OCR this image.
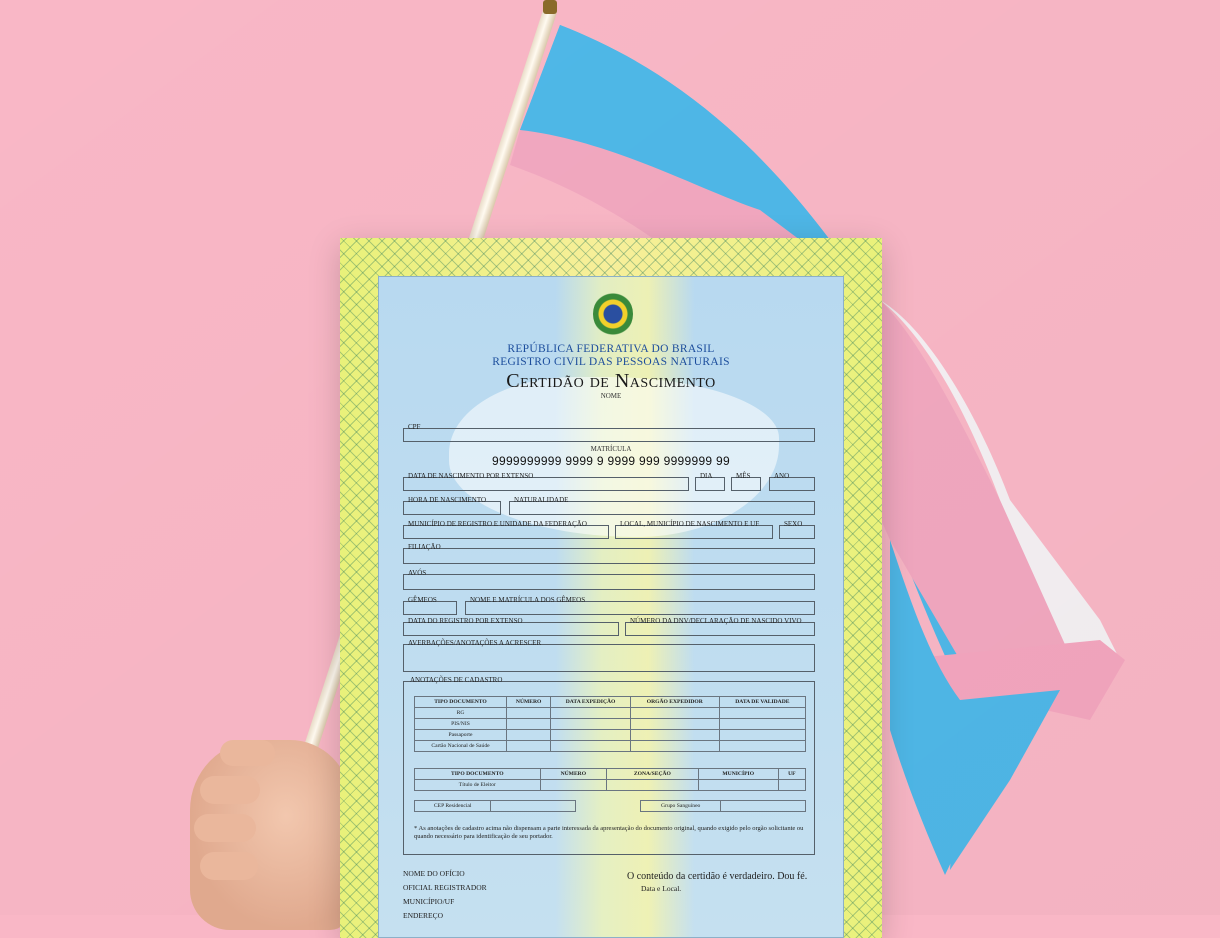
REPÚBLICA FEDERATIVA DO BRASIL
REGISTRO CIVIL DAS PESSOAS NATURAIS
Certidão de Nascimento
NOME
CPF
MATRÍCULA
9999999999 9999 9 9999 999 9999999 99
DATA DE NASCIMENTO POR EXTENSO	DIA	MÊS	ANO
HORA DE NASCIMENTO	NATURALIDADE
MUNICÍPIO DE REGISTRO E UNIDADE DA FEDERAÇÃO	LOCAL, MUNICÍPIO DE NASCIMENTO E UF	SEXO
FILIAÇÃO
AVÓS
GÊMEOS	NOME E MATRÍCULA DOS GÊMEOS
DATA DO REGISTRO POR EXTENSO	NÚMERO DA DNV/DECLARAÇÃO DE NASCIDO VIVO
AVERBAÇÕES/ANOTAÇÕES A ACRESCER
ANOTAÇÕES DE CADASTRO
TIPO DOCUMENTO	NÚMERO	DATA EXPEDIÇÃO	ORGÃO EXPEDIDOR	DATA DE VALIDADE
RG				
PIS/NIS				
Passaporte				
Cartão Nacional de Saúde				
TIPO DOCUMENTO	NÚMERO	ZONA/SEÇÃO	MUNICÍPIO	UF
Título de Eleitor				
CEP Residencial			Grupo Sanguíneo	
* As anotações de cadastro acima não dispensam a parte interessada da apresentação do documento original, quando exigido pelo orgão solicitante ou quando necessário para identificação de seu portador.
NOME DO OFÍCIO
OFICIAL REGISTRADOR
MUNICÍPIO/UF
ENDEREÇO
O conteúdo da certidão é verdadeiro. Dou fé.
Data e Local.
